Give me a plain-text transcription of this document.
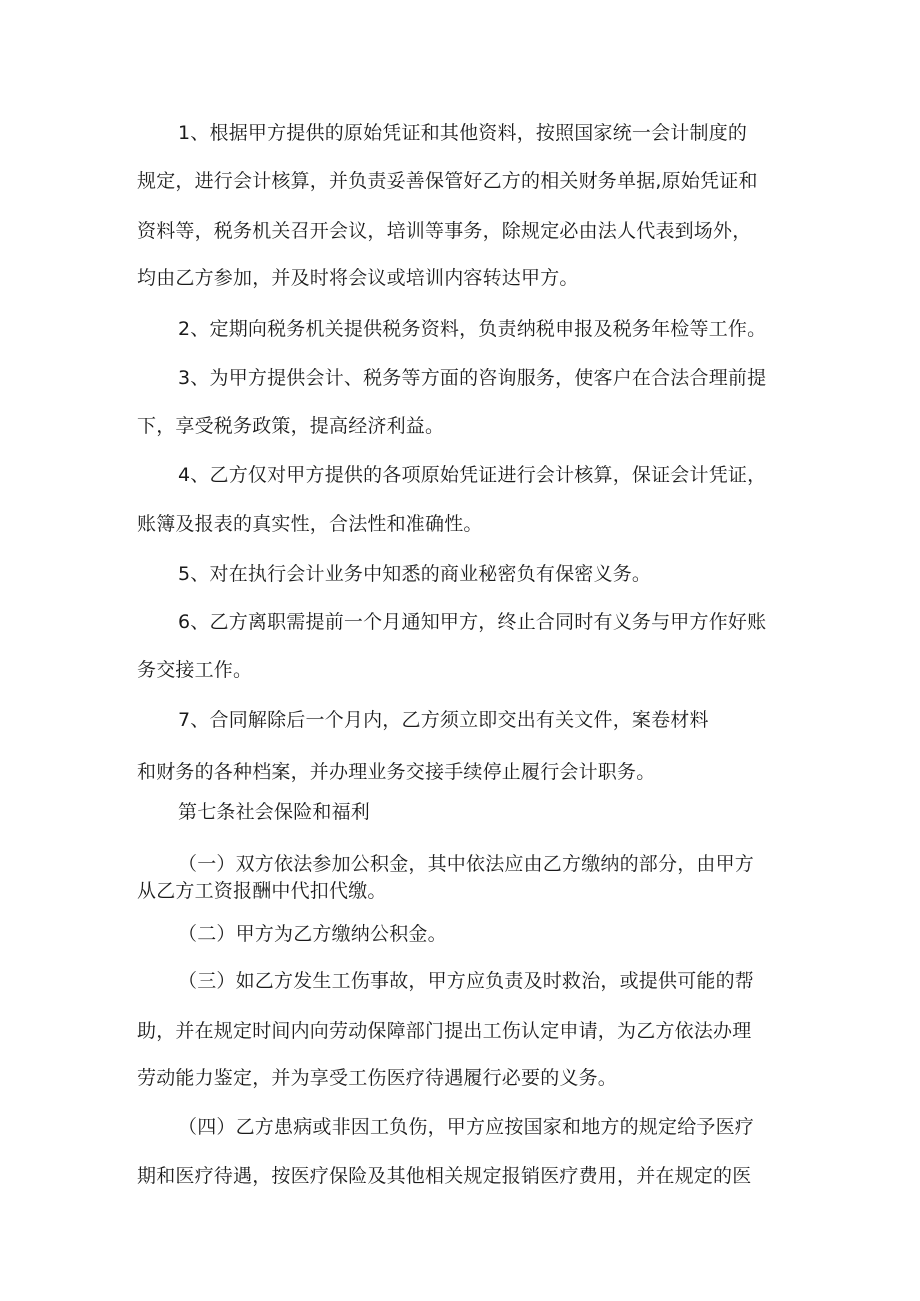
1、根据甲方提供的原始凭证和其他资料，按照国家统一会计制度的
规定，进行会计核算，并负责妥善保管好乙方的相关财务单据,原始凭证和
资料等，税务机关召开会议，培训等事务，除规定必由法人代表到场外，
均由乙方参加，并及时将会议或培训内容转达甲方。
2、定期向税务机关提供税务资料，负责纳税申报及税务年检等工作。
3、为甲方提供会计、税务等方面的咨询服务，使客户在合法合理前提
下，享受税务政策，提高经济利益。
4、乙方仅对甲方提供的各项原始凭证进行会计核算，保证会计凭证，
账簿及报表的真实性，合法性和准确性。
5、对在执行会计业务中知悉的商业秘密负有保密义务。
6、乙方离职需提前一个月通知甲方，终止合同时有义务与甲方作好账
务交接工作。
7、合同解除后一个月内，乙方须立即交出有关文件，案卷材料
和财务的各种档案，并办理业务交接手续停止履行会计职务。
第七条社会保险和福利
（一）双方依法参加公积金，其中依法应由乙方缴纳的部分，由甲方
从乙方工资报酬中代扣代缴。
（二）甲方为乙方缴纳公积金。
（三）如乙方发生工伤事故，甲方应负责及时救治，或提供可能的帮
助，并在规定时间内向劳动保障部门提出工伤认定申请，为乙方依法办理
劳动能力鉴定，并为享受工伤医疗待遇履行必要的义务。
（四）乙方患病或非因工负伤，甲方应按国家和地方的规定给予医疗
期和医疗待遇，按医疗保险及其他相关规定报销医疗费用，并在规定的医
